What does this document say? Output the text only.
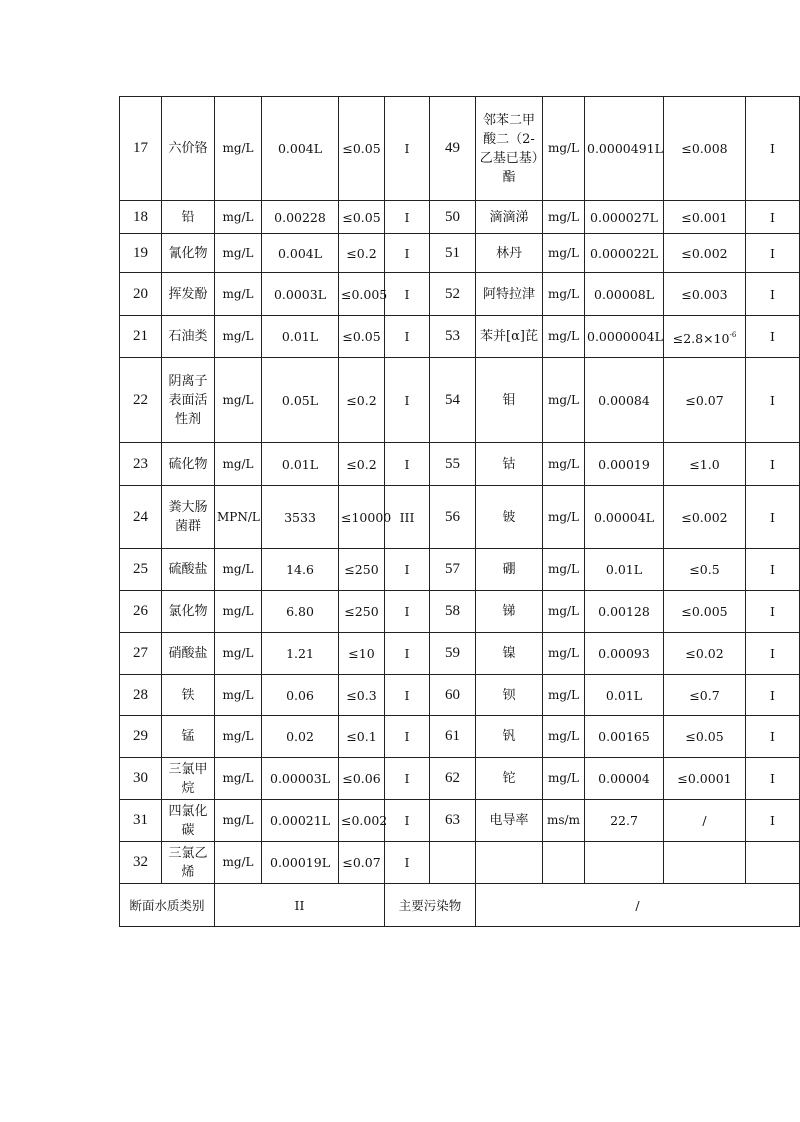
17	六价铬	mg/L	0.004L	≤0.05	I	49	邻苯二甲酸二（2-乙基已基）酯	mg/L	0.0000491L	≤0.008	I
18	铅	mg/L	0.00228	≤0.05	I	50	滴滴涕	mg/L	0.000027L	≤0.001	I
19	氰化物	mg/L	0.004L	≤0.2	I	51	林丹	mg/L	0.000022L	≤0.002	I
20	挥发酚	mg/L	0.0003L	≤0.005	I	52	阿特拉津	mg/L	0.00008L	≤0.003	I
21	石油类	mg/L	0.01L	≤0.05	I	53	苯并[α]芘	mg/L	0.0000004L	$\le 2.8\times 10^{-6}$	I
22	阴离子表面活性剂	mg/L	0.05L	≤0.2	I	54	钼	mg/L	0.00084	≤0.07	I
23	硫化物	mg/L	0.01L	≤0.2	I	55	钴	mg/L	0.00019	≤1.0	I
24	粪大肠菌群	MPN/L	3533	≤10000	III	56	铍	mg/L	0.00004L	≤0.002	I
25	硫酸盐	mg/L	14.6	≤250	I	57	硼	mg/L	0.01L	≤0.5	I
26	氯化物	mg/L	6.80	≤250	I	58	锑	mg/L	0.00128	≤0.005	I
27	硝酸盐	mg/L	1.21	≤10	I	59	镍	mg/L	0.00093	≤0.02	I
28	铁	mg/L	0.06	≤0.3	I	60	钡	mg/L	0.01L	≤0.7	I
29	锰	mg/L	0.02	≤0.1	I	61	钒	mg/L	0.00165	≤0.05	I
30	三氯甲烷	mg/L	0.00003L	≤0.06	I	62	铊	mg/L	0.00004	≤0.0001	I
31	四氯化碳	mg/L	0.00021L	≤0.002	I	63	电导率	ms/m	22.7	/	I
32	三氯乙烯	mg/L	0.00019L	≤0.07	I						
断面水质类别		II			主要污染物		/				
